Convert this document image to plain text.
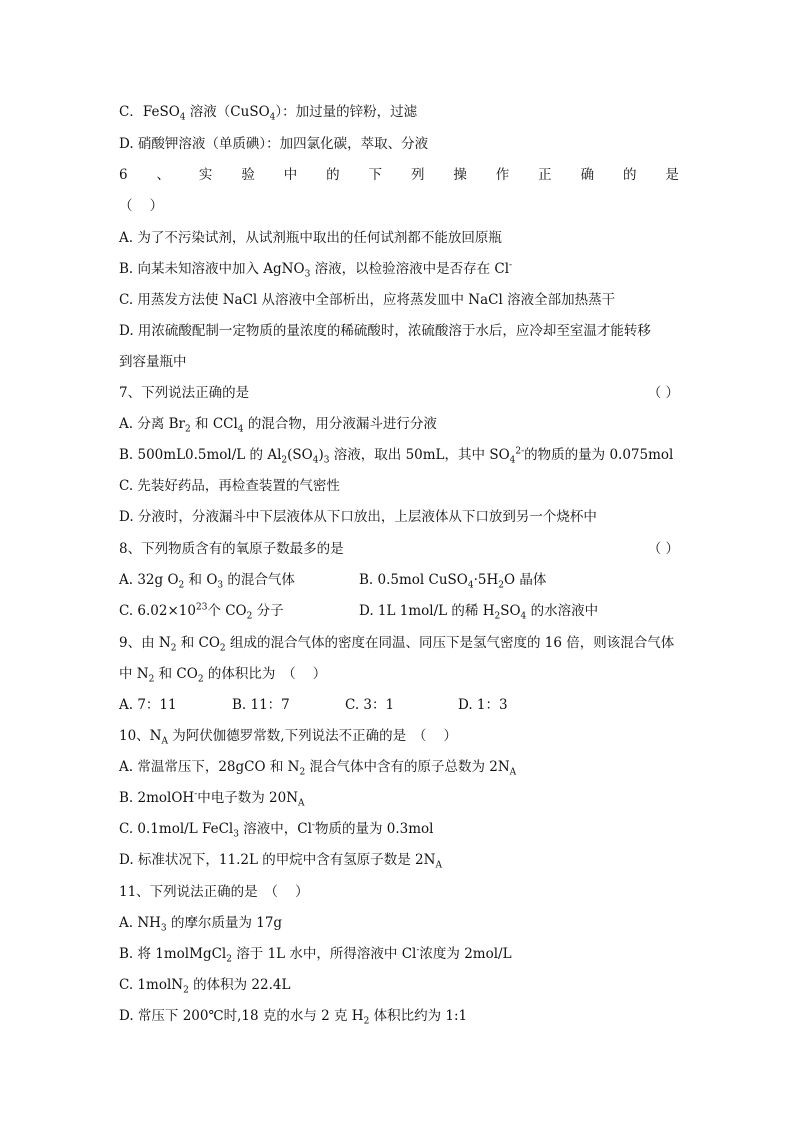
C．FeSO$_4$ 溶液（CuSO$_4$）：加过量的锌粉，过滤
D. 硝酸钾溶液（单质碘）：加四氯化碳，萃取、分液
6 、 实 验 中 的 下 列 操 作 正 确 的 是
（    ）
A. 为了不污染试剂，从试剂瓶中取出的任何试剂都不能放回原瓶
B. 向某未知溶液中加入 AgNO$_3$ 溶液，以检验溶液中是否存在 Cl-
C. 用蒸发方法使 NaCl 从溶液中全部析出，应将蒸发皿中 NaCl 溶液全部加热蒸干
D. 用浓硫酸配制一定物质的量浓度的稀硫酸时，浓硫酸溶于水后，应冷却至室温才能转移
到容量瓶中
7、下列说法正确的是	（ ）
A. 分离 $Br_2$ 和 CCl$_4$ 的混合物，用分液漏斗进行分液
B. 500mL0.5mol/L 的 $Al_2(SO_4)_3$ 溶液，取出 50mL，其中 $SO_4^{2-}$的物质的量为 0.075mol
C. 先装好药品，再检查装置的气密性
D. 分液时，分液漏斗中下层液体从下口放出，上层液体从下口放到另一个烧杯中
8、下列物质含有的氧原子数最多的是	（ ）
A. 32g $O_2$ 和 $O_3$ 的混合气体	B. 0.5mol $CuSO_4\cdot 5H_2O$ 晶体
C. $6.02\times 10^{23}$个 $CO_2$ 分子	D. 1L 1mol/L 的稀 $H_2SO_4$ 的水溶液中
9、由 $N_2$ 和 $CO_2$ 组成的混合气体的密度在同温、同压下是氢气密度的 16 倍，则该混合气体
中 $N_2$ 和 $CO_2$ 的体积比为　（    ）
A. 7：11	B. 11：7	C. 3：1	D. 1：3
10、$N_A$ 为阿伏伽德罗常数,下列说法不正确的是　（    ）
A. 常温常压下，28gCO 和 $N_2$ 混合气体中含有的原子总数为 $2N_A$
B. 2molOH-中电子数为 $20N_A$
C. 0.1mol/L FeCl$_3$ 溶液中，Cl-物质的量为 0.3mol
D. 标准状况下，11.2L 的甲烷中含有氢原子数是 $2N_A$
11、下列说法正确的是　（    ）
A. $NH_3$ 的摩尔质量为 17g
B. 将 1molMgCl$_2$ 溶于 1L 水中，所得溶液中 Cl-浓度为 2mol/L
C. 1molN$_2$ 的体积为 22.4L
D. 常压下 200℃时,18 克的水与 2 克 $H_2$ 体积比约为 1:1
